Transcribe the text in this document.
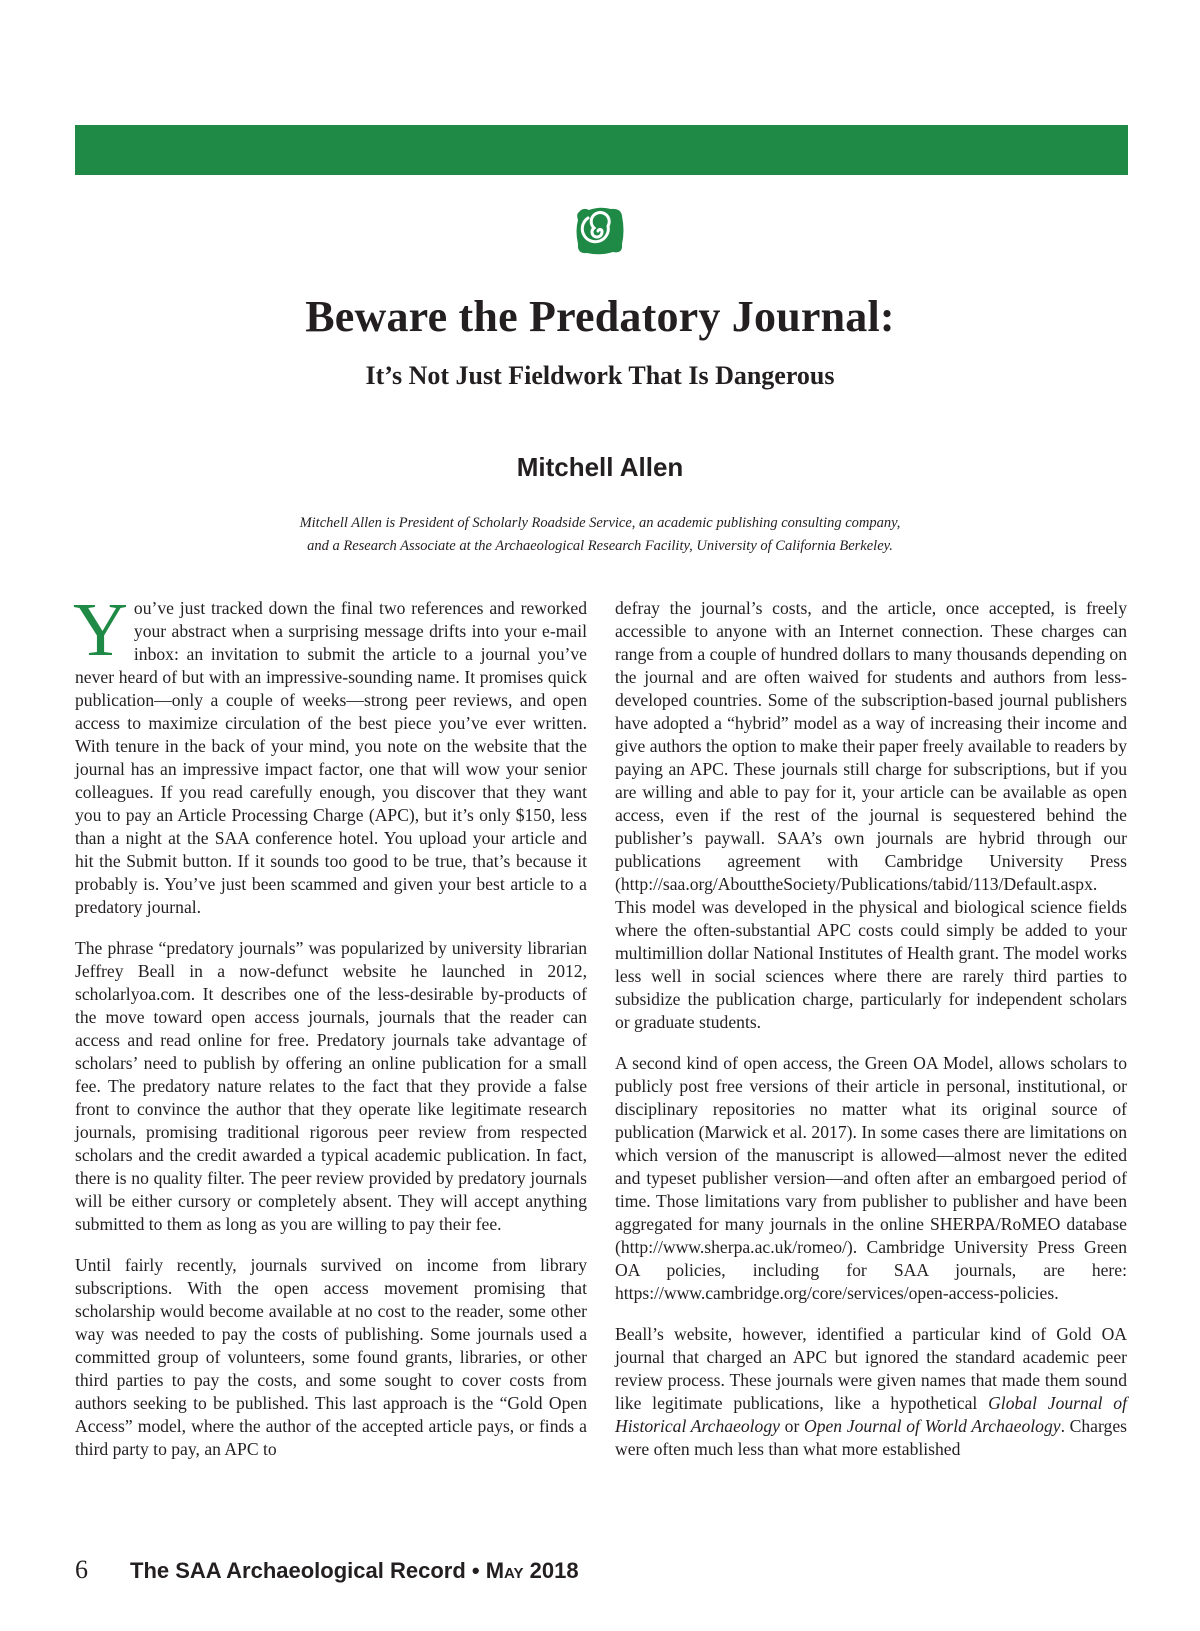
Beware the Predatory Journal:
It’s Not Just Fieldwork That Is Dangerous
Mitchell Allen
Mitchell Allen is President of Scholarly Roadside Service, an academic publishing consulting company,
and a Research Associate at the Archaeological Research Facility, University of California Berkeley.

You’ve just tracked down the final two references and reworked your abstract when a surprising message drifts into your e-mail inbox: an invitation to submit the article to a journal you’ve never heard of but with an impressive-sounding name. It promises quick publication—only a couple of weeks—strong peer reviews, and open access to maximize circulation of the best piece you’ve ever written. With tenure in the back of your mind, you note on the website that the journal has an impressive impact factor, one that will wow your senior colleagues. If you read carefully enough, you discover that they want you to pay an Article Processing Charge (APC), but it’s only $150, less than a night at the SAA conference hotel. You upload your article and hit the Submit button. If it sounds too good to be true, that’s because it probably is. You’ve just been scammed and given your best article to a predatory journal.

The phrase “predatory journals” was popularized by university librarian Jeffrey Beall in a now-defunct website he launched in 2012, scholarlyoa.com. It describes one of the less-desirable by-products of the move toward open access journals, journals that the reader can access and read online for free. Predatory journals take advantage of scholars’ need to publish by offering an online publication for a small fee. The predatory nature relates to the fact that they provide a false front to convince the author that they operate like legitimate research journals, promising traditional rigorous peer review from respected scholars and the credit awarded a typical academic publication. In fact, there is no quality filter. The peer review provided by predatory journals will be either cursory or completely absent. They will accept anything submitted to them as long as you are willing to pay their fee.

Until fairly recently, journals survived on income from library subscriptions. With the open access movement promising that scholarship would become available at no cost to the reader, some other way was needed to pay the costs of publishing. Some journals used a committed group of volunteers, some found grants, libraries, or other third parties to pay the costs, and some sought to cover costs from authors seeking to be published. This last approach is the “Gold Open Access” model, where the author of the accepted article pays, or finds a third party to pay, an APC to

defray the journal’s costs, and the article, once accepted, is freely accessible to anyone with an Internet connection. These charges can range from a couple of hundred dollars to many thousands depending on the journal and are often waived for students and authors from less-developed countries. Some of the subscription-based journal publishers have adopted a “hybrid” model as a way of increasing their income and give authors the option to make their paper freely available to readers by paying an APC. These journals still charge for subscriptions, but if you are willing and able to pay for it, your article can be available as open access, even if the rest of the journal is sequestered behind the publisher’s paywall. SAA’s own journals are hybrid through our publications agreement with Cambridge University Press (http://saa.org/AbouttheSociety/Publications/tabid/113/Default.aspx. This model was developed in the physical and biological science fields where the often-substantial APC costs could simply be added to your multimillion dollar National Institutes of Health grant. The model works less well in social sciences where there are rarely third parties to subsidize the publication charge, particularly for independent scholars or graduate students.

A second kind of open access, the Green OA Model, allows scholars to publicly post free versions of their article in personal, institutional, or disciplinary repositories no matter what its original source of publication (Marwick et al. 2017). In some cases there are limitations on which version of the manuscript is allowed—almost never the edited and typeset publisher version—and often after an embargoed period of time. Those limitations vary from publisher to publisher and have been aggregated for many journals in the online SHERPA/RoMEO database (http://www.sherpa.ac.uk/romeo/). Cambridge University Press Green OA policies, including for SAA journals, are here: https://www.cambridge.org/core/services/open-access-policies.

Beall’s website, however, identified a particular kind of Gold OA journal that charged an APC but ignored the standard academic peer review process. These journals were given names that made them sound like legitimate publications, like a hypothetical Global Journal of Historical Archaeology or Open Journal of World Archaeology. Charges were often much less than what more established

6 The SAA Archaeological Record • May 2018
